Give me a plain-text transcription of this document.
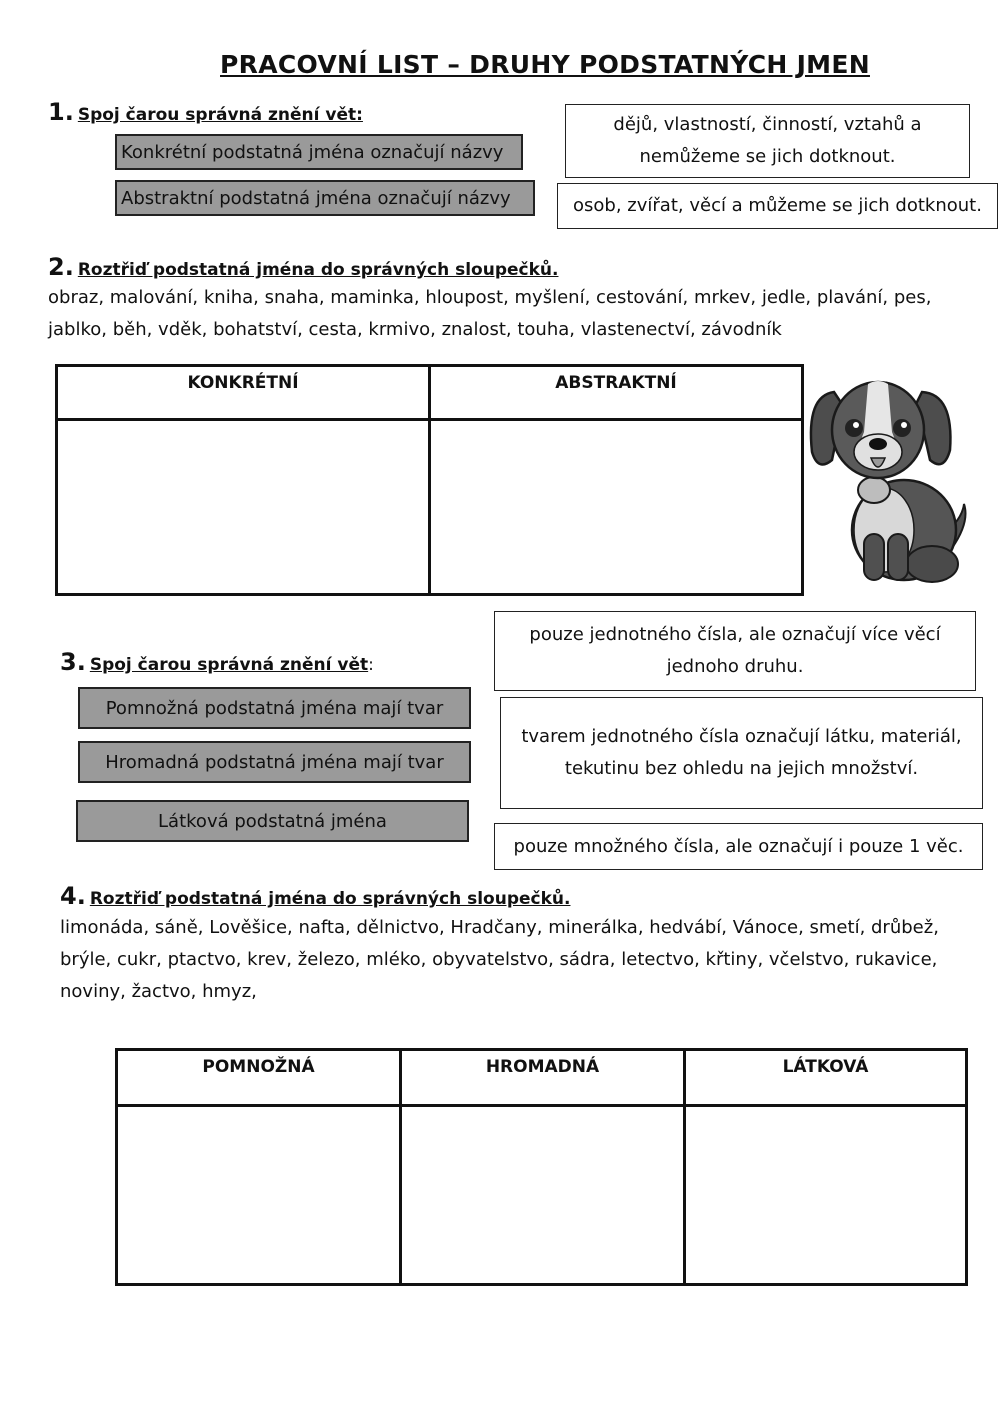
PRACOVNÍ LIST – DRUHY PODSTATNÝCH JMEN
1. Spoj čarou správná znění vět:
Konkrétní podstatná jména označují názvy
Abstraktní podstatná jména označují názvy
dějů, vlastností, činností, vztahů a nemůžeme se jich dotknout.
osob, zvířat, věcí a můžeme se jich dotknout.
2. Roztřiď podstatná jména do správných sloupečků.
obraz, malování, kniha, snaha, maminka, hloupost, myšlení, cestování, mrkev, jedle, plavání, pes, jablko, běh, vděk, bohatství, cesta, krmivo, znalost, touha, vlastenectví, závodník
KONKRÉTNÍ	ABSTRAKTNÍ
pouze jednotného čísla, ale označují více věcí jednoho druhu.
3. Spoj čarou správná znění vět:
Pomnožná podstatná jména mají tvar
Hromadná podstatná jména mají tvar
Látková podstatná jména
tvarem jednotného čísla označují látku, materiál, tekutinu bez ohledu na jejich množství.
pouze množného čísla, ale označují i pouze 1 věc.
4. Roztřiď podstatná jména do správných sloupečků.
limonáda, sáně, Lověšice, nafta, dělnictvo, Hradčany, minerálka, hedvábí, Vánoce, smetí, drůbež, brýle, cukr, ptactvo, krev, železo, mléko, obyvatelstvo, sádra, letectvo, křtiny, včelstvo, rukavice, noviny, žactvo, hmyz,
POMNOŽNÁ	HROMADNÁ	LÁTKOVÁ
